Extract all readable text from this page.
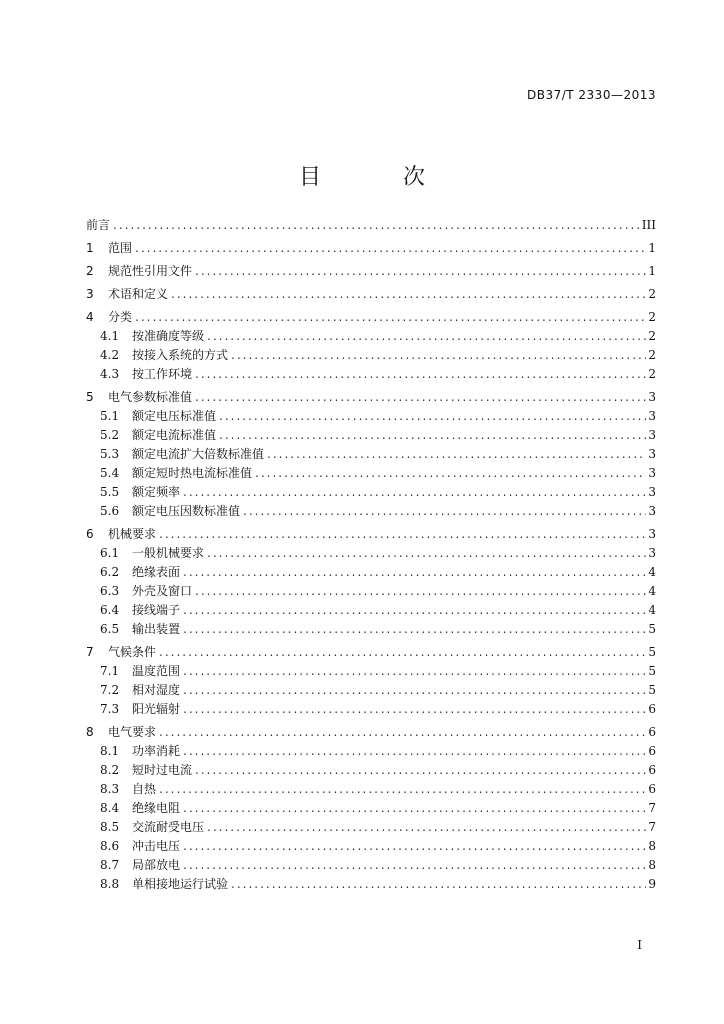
DB37/T 2330—2013
目　次
前言 .....	III
1	范围 .....	1
2	规范性引用文件 .....	1
3	术语和定义 .....	2
4	分类 .....	2
4.1	按准确度等级 .....	2
4.2	按接入系统的方式 .....	2
4.3	按工作环境 .....	2
5	电气参数标准值 .....	3
5.1	额定电压标准值 .....	3
5.2	额定电流标准值 .....	3
5.3	额定电流扩大倍数标准值 .....	3
5.4	额定短时热电流标准值 .....	3
5.5	额定频率 .....	3
5.6	额定电压因数标准值 .....	3
6	机械要求 .....	3
6.1	一般机械要求 .....	3
6.2	绝缘表面 .....	4
6.3	外壳及窗口 .....	4
6.4	接线端子 .....	4
6.5	输出装置 .....	5
7	气候条件 .....	5
7.1	温度范围 .....	5
7.2	相对湿度 .....	5
7.3	阳光辐射 .....	6
8	电气要求 .....	6
8.1	功率消耗 .....	6
8.2	短时过电流 .....	6
8.3	自热 .....	6
8.4	绝缘电阻 .....	7
8.5	交流耐受电压 .....	7
8.6	冲击电压 .....	8
8.7	局部放电 .....	8
8.8	单相接地运行试验 .....	9
I
